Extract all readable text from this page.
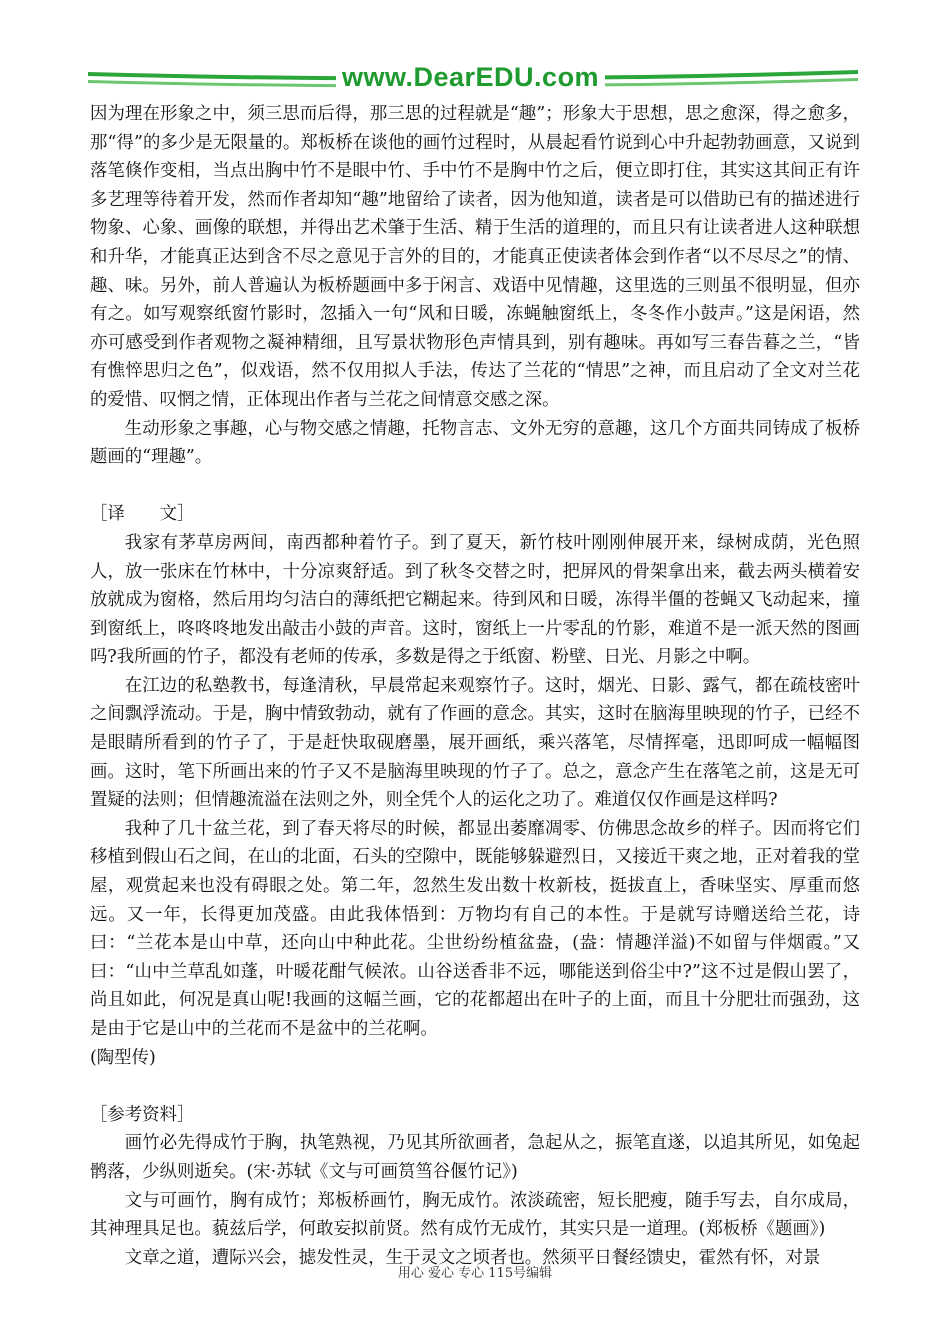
www.DearEDU.com

因为理在形象之中，须三思而后得，那三思的过程就是“趣”；形象大于思想，思之愈深，得之愈多，那“得”的多少是无限量的。郑板桥在谈他的画竹过程时，从晨起看竹说到心中升起勃勃画意，又说到落笔倏作变相，当点出胸中竹不是眼中竹、手中竹不是胸中竹之后，便立即打住，其实这其间正有许多艺理等待着开发，然而作者却知“趣”地留给了读者，因为他知道，读者是可以借助已有的描述进行物象、心象、画像的联想，并得出艺术肇于生活、精于生活的道理的，而且只有让读者进人这种联想和升华，才能真正达到含不尽之意见于言外的目的，才能真正使读者体会到作者“以不尽尽之”的情、趣、味。另外，前人普遍认为板桥题画中多于闲言、戏语中见情趣，这里选的三则虽不很明显，但亦有之。如写观察纸窗竹影时，忽插入一句“风和日暖，冻蝇触窗纸上，冬冬作小鼓声。”这是闲语，然亦可感受到作者观物之凝神精细，且写景状物形色声情具到，别有趣味。再如写三春告暮之兰，“皆有憔悴思归之色”，似戏语，然不仅用拟人手法，传达了兰花的“情思”之神，而且启动了全文对兰花的爱惜、叹惘之情，正体现出作者与兰花之间情意交感之深。

生动形象之事趣，心与物交感之情趣，托物言志、文外无穷的意趣，这几个方面共同铸成了板桥题画的“理趣”。

［译　　文］

我家有茅草房两间，南西都种着竹子。到了夏天，新竹枝叶刚刚伸展开来，绿树成荫，光色照人，放一张床在竹林中，十分凉爽舒适。到了秋冬交替之时，把屏风的骨架拿出来，截去两头横着安放就成为窗格，然后用均匀洁白的薄纸把它糊起来。待到风和日暖，冻得半僵的苍蝇又飞动起来，撞到窗纸上，咚咚咚地发出敲击小鼓的声音。这时，窗纸上一片零乱的竹影，难道不是一派天然的图画吗?我所画的竹子，都没有老师的传承，多数是得之于纸窗、粉壁、日光、月影之中啊。

在江边的私塾教书，每逢清秋，早晨常起来观察竹子。这时，烟光、日影、露气，都在疏枝密叶之间飘浮流动。于是，胸中情致勃动，就有了作画的意念。其实，这时在脑海里映现的竹子，已经不是眼睛所看到的竹子了，于是赶快取砚磨墨，展开画纸，乘兴落笔，尽情挥毫，迅即呵成一幅幅图画。这时，笔下所画出来的竹子又不是脑海里映现的竹子了。总之，意念产生在落笔之前，这是无可置疑的法则；但情趣流溢在法则之外，则全凭个人的运化之功了。难道仅仅作画是这样吗?

我种了几十盆兰花，到了春天将尽的时候，都显出萎靡凋零、仿佛思念故乡的样子。因而将它们移植到假山石之间，在山的北面，石头的空隙中，既能够躲避烈日，又接近干爽之地，正对着我的堂屋，观赏起来也没有碍眼之处。第二年，忽然生发出数十枚新枝，挺拔直上，香味坚实、厚重而悠远。又一年，长得更加茂盛。由此我体悟到：万物均有自己的本性。于是就写诗赠送给兰花，诗曰：“兰花本是山中草，还向山中种此花。尘世纷纷植盆盎，(盎：情趣洋溢)不如留与伴烟霞。”又曰：“山中兰草乱如蓬，叶暖花酣气候浓。山谷送香非不远，哪能送到俗尘中?”这不过是假山罢了，尚且如此，何况是真山呢!我画的这幅兰画，它的花都超出在叶子的上面，而且十分肥壮而强劲，这是由于它是山中的兰花而不是盆中的兰花啊。

(陶型传)

［参考资料］

画竹必先得成竹于胸，执笔熟视，乃见其所欲画者，急起从之，振笔直遂，以追其所见，如兔起鹘落，少纵则逝矣。(宋·苏轼《文与可画筼筜谷偃竹记》)

文与可画竹，胸有成竹；郑板桥画竹，胸无成竹。浓淡疏密，短长肥瘦，随手写去，自尔成局，其神理具足也。藐兹后学，何敢妄拟前贤。然有成竹无成竹，其实只是一道理。(郑板桥《题画》)

文章之道，遭际兴会，摅发性灵，生于灵文之顷者也。然须平日餐经馈史，霍然有怀，对景

用心 爱心 专心 115号编辑
